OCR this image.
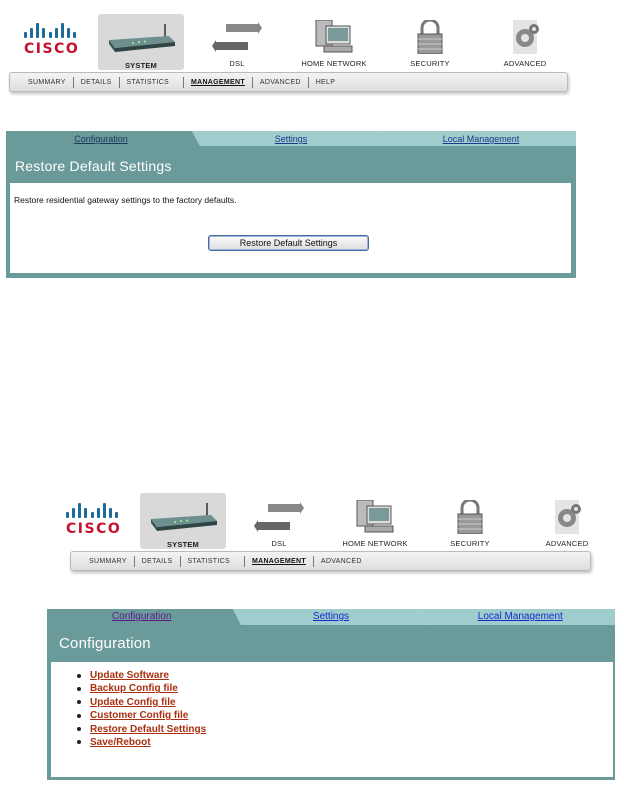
CISCO
SYSTEM	DSL	HOME NETWORK	SECURITY	ADVANCED
SUMMARY DETAILS STATISTICS	MANAGEMENT ADVANCED HELP
Configuration	Settings	Local Management
Restore Default Settings
Restore residential gateway settings to the factory defaults.
Restore Default Settings
CISCO
SYSTEM	DSL	HOME NETWORK	SECURITY	ADVANCED
SUMMARY DETAILS STATISTICS	MANAGEMENT ADVANCED
Configuration	Settings	Local Management
Configuration
Update Software
Backup Config file
Update Config file
Customer Config file
Restore Default Settings
Save/Reboot
